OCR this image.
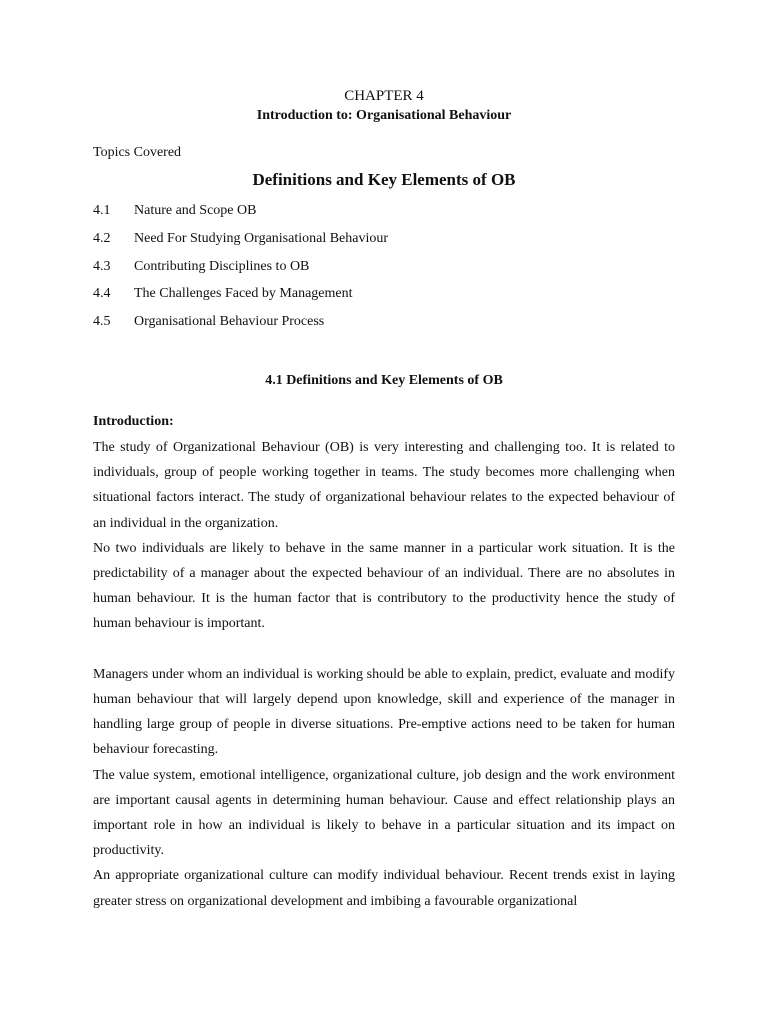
CHAPTER 4
Introduction to: Organisational Behaviour
Topics Covered
Definitions and Key Elements of OB
4.1 Nature and Scope OB
4.2 Need For Studying Organisational Behaviour
4.3 Contributing Disciplines to OB
4.4 The Challenges Faced by Management
4.5 Organisational Behaviour Process
4.1 Definitions and Key Elements of OB
Introduction:

The study of Organizational Behaviour (OB) is very interesting and challenging too. It is related to individuals, group of people working together in teams. The study becomes more challenging when situational factors interact. The study of organizational behaviour relates to the expected behaviour of an individual in the organization.

No two individuals are likely to behave in the same manner in a particular work situation. It is the predictability of a manager about the expected behaviour of an individual. There are no absolutes in human behaviour. It is the human factor that is contributory to the productivity hence the study of human behaviour is important.

Managers under whom an individual is working should be able to explain, predict, evaluate and modify human behaviour that will largely depend upon knowledge, skill and experience of the manager in handling large group of people in diverse situations. Pre-emptive actions need to be taken for human behaviour forecasting.

The value system, emotional intelligence, organizational culture, job design and the work environment are important causal agents in determining human behaviour. Cause and effect relationship plays an important role in how an individual is likely to behave in a particular situation and its impact on productivity.

An appropriate organizational culture can modify individual behaviour. Recent trends exist in laying greater stress on organizational development and imbibing a favourable organizational
